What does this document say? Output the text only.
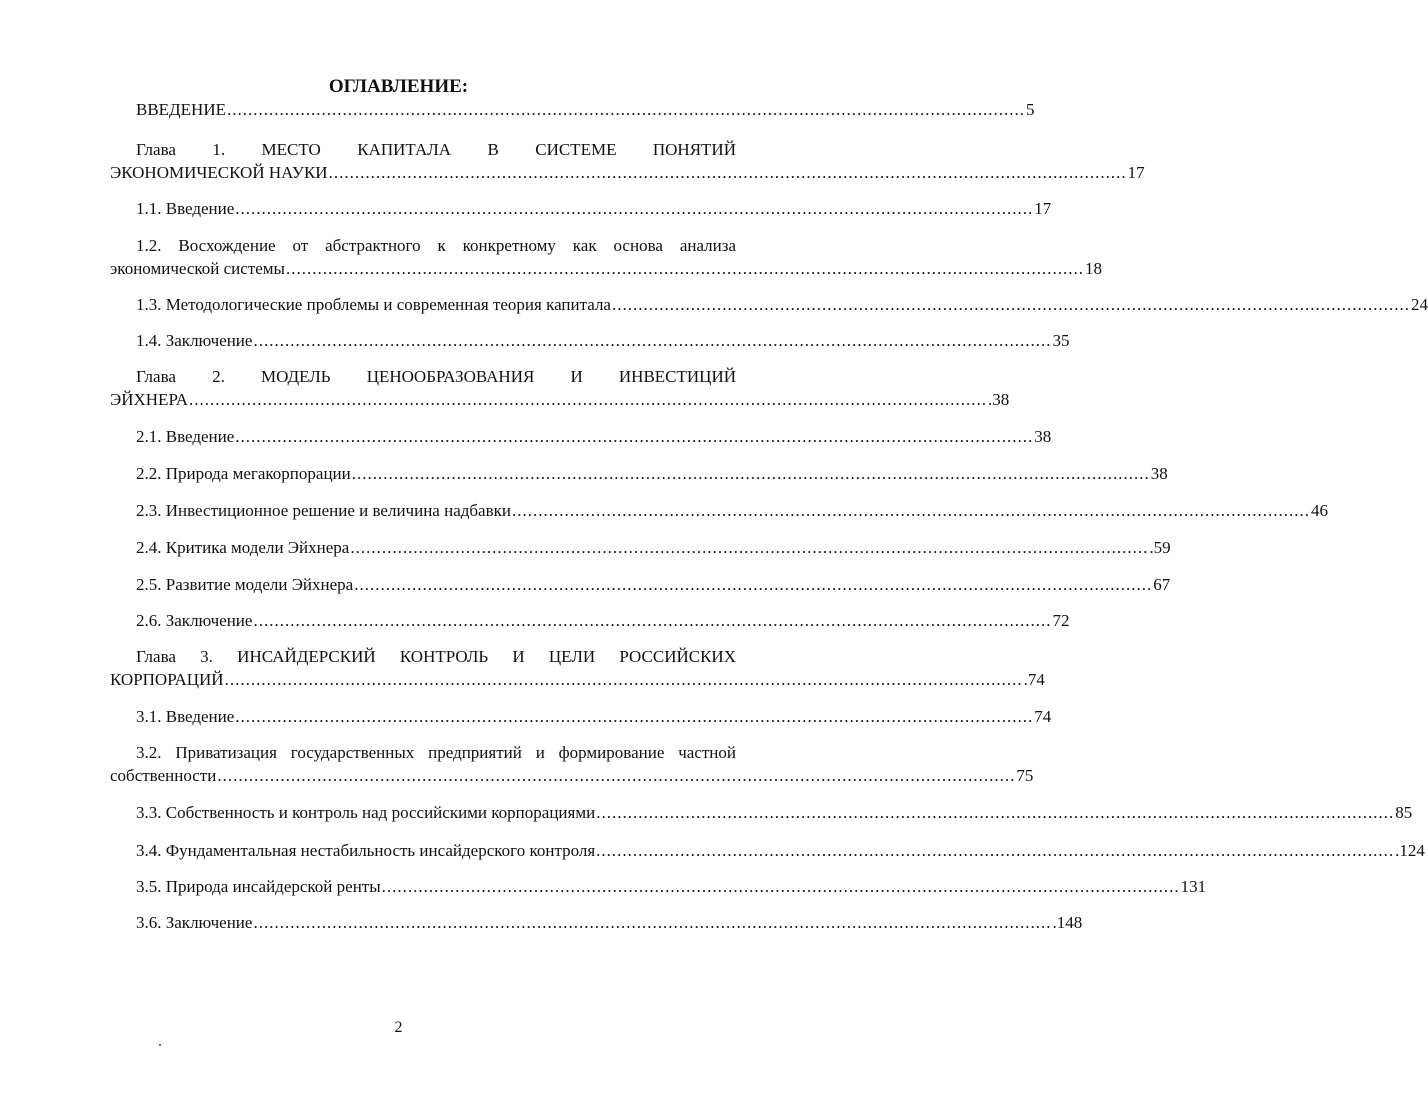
ОГЛАВЛЕНИЕ:
ВВЕДЕНИЕ ........................................................................................................................................................ 5
Глава 1. МЕСТО КАПИТАЛА В СИСТЕМЕ ПОНЯТИЙ
ЭКОНОМИЧЕСКОЙ НАУКИ ........................................................................................................................................................ 17
1.1. Введение ........................................................................................................................................................ 17
1.2. Восхождение от абстрактного к конкретному как основа анализа
экономической системы ........................................................................................................................................................ 18
1.3. Методологические проблемы и современная теория капитала ........................................................................................................................................................ 24
1.4. Заключение ........................................................................................................................................................ 35
Глава 2. МОДЕЛЬ ЦЕНООБРАЗОВАНИЯ И ИНВЕСТИЦИЙ
ЭЙХНЕРА ........................................................................................................................................................ .38
2.1. Введение ........................................................................................................................................................ 38
2.2. Природа мегакорпорации ........................................................................................................................................................ 38
2.3. Инвестиционное решение и величина надбавки ........................................................................................................................................................ 46
2.4. Критика модели Эйхнера ........................................................................................................................................................ .59
2.5. Развитие модели Эйхнера ........................................................................................................................................................ 67
2.6. Заключение ........................................................................................................................................................ 72
Глава 3. ИНСАЙДЕРСКИЙ КОНТРОЛЬ И ЦЕЛИ РОССИЙСКИХ
КОРПОРАЦИЙ ........................................................................................................................................................ .74
3.1. Введение ........................................................................................................................................................ 74
3.2. Приватизация государственных предприятий и формирование частной
собственности ........................................................................................................................................................ 75
3.3. Собственность и контроль над российскими корпорациями ........................................................................................................................................................ 85
3.4. Фундаментальная нестабильность инсайдерского контроля ........................................................................................................................................................ .124
3.5. Природа инсайдерской ренты ........................................................................................................................................................ 131
3.6. Заключение ........................................................................................................................................................ .148
2
